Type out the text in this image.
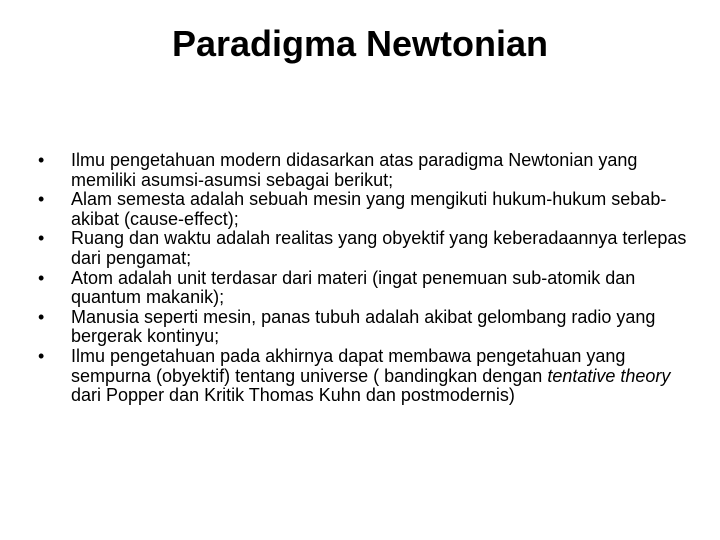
Paradigma Newtonian
•	Ilmu pengetahuan modern didasarkan atas paradigma Newtonian yang memiliki asumsi-asumsi sebagai berikut;
•	Alam semesta adalah sebuah mesin yang mengikuti hukum-hukum sebab-akibat (cause-effect);
•	Ruang dan waktu adalah realitas yang obyektif yang keberadaannya terlepas dari pengamat;
•	Atom adalah unit terdasar dari materi (ingat penemuan sub-atomik dan quantum makanik);
•	Manusia seperti mesin, panas tubuh adalah akibat gelombang radio yang bergerak kontinyu;
•	Ilmu pengetahuan pada akhirnya dapat membawa pengetahuan yang sempurna (obyektif) tentang universe ( bandingkan dengan tentative theory dari Popper dan Kritik Thomas Kuhn dan postmodernis)
